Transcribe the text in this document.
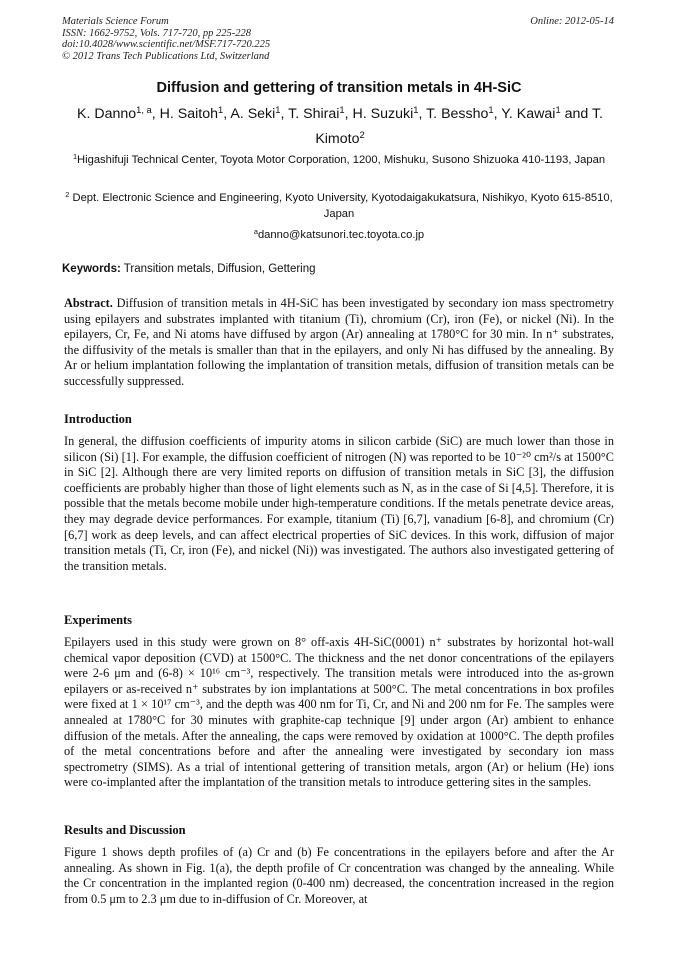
Materials Science Forum
ISSN: 1662-9752, Vols. 717-720, pp 225-228
doi:10.4028/www.scientific.net/MSF.717-720.225
© 2012 Trans Tech Publications Ltd, Switzerland
Online: 2012-05-14
Diffusion and gettering of transition metals in 4H-SiC
K. Danno$^{1, a}$, H. Saitoh$^1$, A. Seki$^1$, T. Shirai$^1$, H. Suzuki$^1$, T. Bessho$^1$, Y. Kawai$^1$ and T. Kimoto$^2$
$^1$Higashifuji Technical Center, Toyota Motor Corporation, 1200, Mishuku, Susono Shizuoka 410-1193, Japan
$^2$ Dept. Electronic Science and Engineering, Kyoto University, Kyotodaigakukatsura, Nishikyo, Kyoto 615-8510, Japan
$^a$danno@katsunori.tec.toyota.co.jp
Keywords: Transition metals, Diffusion, Gettering
Abstract. Diffusion of transition metals in 4H-SiC has been investigated by secondary ion mass spectrometry using epilayers and substrates implanted with titanium (Ti), chromium (Cr), iron (Fe), or nickel (Ni). In the epilayers, Cr, Fe, and Ni atoms have diffused by argon (Ar) annealing at 1780°C for 30 min. In n⁺ substrates, the diffusivity of the metals is smaller than that in the epilayers, and only Ni has diffused by the annealing. By Ar or helium implantation following the implantation of transition metals, diffusion of transition metals can be successfully suppressed.
Introduction
In general, the diffusion coefficients of impurity atoms in silicon carbide (SiC) are much lower than those in silicon (Si) [1]. For example, the diffusion coefficient of nitrogen (N) was reported to be 10⁻²⁰ cm²/s at 1500°C in SiC [2]. Although there are very limited reports on diffusion of transition metals in SiC [3], the diffusion coefficients are probably higher than those of light elements such as N, as in the case of Si [4,5]. Therefore, it is possible that the metals become mobile under high-temperature conditions. If the metals penetrate device areas, they may degrade device performances. For example, titanium (Ti) [6,7], vanadium [6-8], and chromium (Cr) [6,7] work as deep levels, and can affect electrical properties of SiC devices. In this work, diffusion of major transition metals (Ti, Cr, iron (Fe), and nickel (Ni)) was investigated. The authors also investigated gettering of the transition metals.
Experiments
Epilayers used in this study were grown on 8° off-axis 4H-SiC(0001) n⁺ substrates by horizontal hot-wall chemical vapor deposition (CVD) at 1500°C. The thickness and the net donor concentrations of the epilayers were 2-6 μm and (6-8) × 10¹⁶ cm⁻³, respectively. The transition metals were introduced into the as-grown epilayers or as-received n⁺ substrates by ion implantations at 500°C. The metal concentrations in box profiles were fixed at 1 × 10¹⁷ cm⁻³, and the depth was 400 nm for Ti, Cr, and Ni and 200 nm for Fe. The samples were annealed at 1780°C for 30 minutes with graphite-cap technique [9] under argon (Ar) ambient to enhance diffusion of the metals. After the annealing, the caps were removed by oxidation at 1000°C. The depth profiles of the metal concentrations before and after the annealing were investigated by secondary ion mass spectrometry (SIMS). As a trial of intentional gettering of transition metals, argon (Ar) or helium (He) ions were co-implanted after the implantation of the transition metals to introduce gettering sites in the samples.
Results and Discussion
Figure 1 shows depth profiles of (a) Cr and (b) Fe concentrations in the epilayers before and after the Ar annealing. As shown in Fig. 1(a), the depth profile of Cr concentration was changed by the annealing. While the Cr concentration in the implanted region (0-400 nm) decreased, the concentration increased in the region from 0.5 μm to 2.3 μm due to in-diffusion of Cr. Moreover, at
